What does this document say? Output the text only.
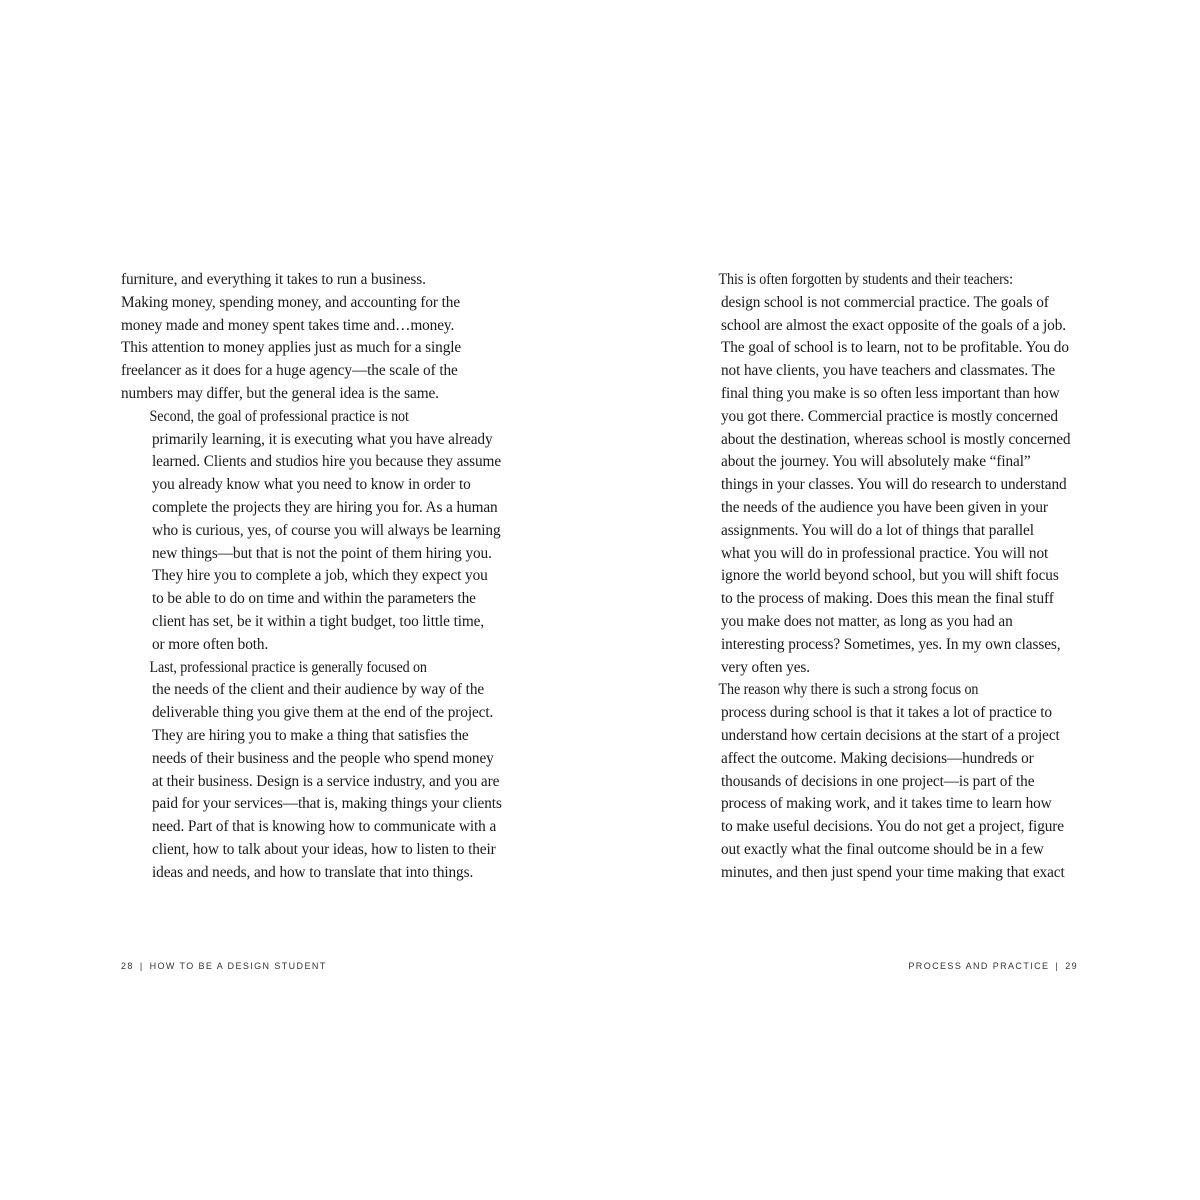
furniture, and everything it takes to run a business.
Making money, spending money, and accounting for the
money made and money spent takes time and…money.
This attention to money applies just as much for a single
freelancer as it does for a huge agency—the scale of the
numbers may differ, but the general idea is the same.

Second, the goal of professional practice is not
primarily learning, it is executing what you have already
learned. Clients and studios hire you because they assume
you already know what you need to know in order to
complete the projects they are hiring you for. As a human
who is curious, yes, of course you will always be learning
new things—but that is not the point of them hiring you.
They hire you to complete a job, which they expect you
to be able to do on time and within the parameters the
client has set, be it within a tight budget, too little time,
or more often both.

Last, professional practice is generally focused on
the needs of the client and their audience by way of the
deliverable thing you give them at the end of the project.
They are hiring you to make a thing that satisfies the
needs of their business and the people who spend money
at their business. Design is a service industry, and you are
paid for your services—that is, making things your clients
need. Part of that is knowing how to communicate with a
client, how to talk about your ideas, how to listen to their
ideas and needs, and how to translate that into things.

This is often forgotten by students and their teachers:
design school is not commercial practice. The goals of
school are almost the exact opposite of the goals of a job.
The goal of school is to learn, not to be profitable. You do
not have clients, you have teachers and classmates. The
final thing you make is so often less important than how
you got there. Commercial practice is mostly concerned
about the destination, whereas school is mostly concerned
about the journey. You will absolutely make “final”
things in your classes. You will do research to understand
the needs of the audience you have been given in your
assignments. You will do a lot of things that parallel
what you will do in professional practice. You will not
ignore the world beyond school, but you will shift focus
to the process of making. Does this mean the final stuff
you make does not matter, as long as you had an
interesting process? Sometimes, yes. In my own classes,
very often yes.

The reason why there is such a strong focus on
process during school is that it takes a lot of practice to
understand how certain decisions at the start of a project
affect the outcome. Making decisions—hundreds or
thousands of decisions in one project—is part of the
process of making work, and it takes time to learn how
to make useful decisions. You do not get a project, figure
out exactly what the final outcome should be in a few
minutes, and then just spend your time making that exact

28 | HOW TO BE A DESIGN STUDENT	PROCESS AND PRACTICE | 29
